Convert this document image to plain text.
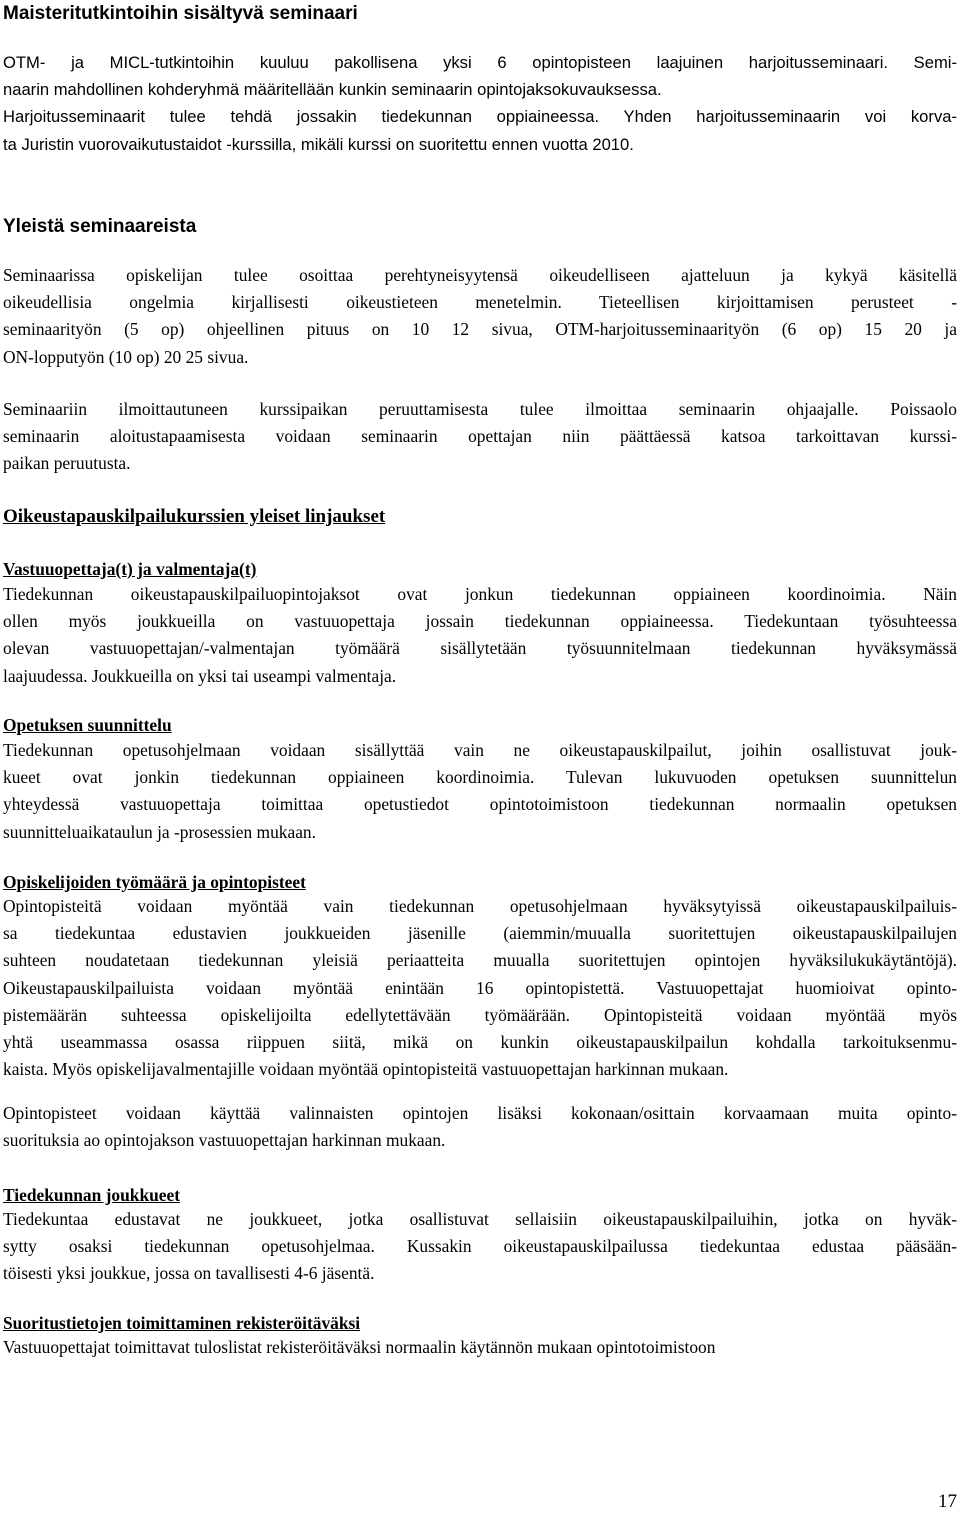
Maisteritutkintoihin sisältyvä seminaari
OTM- ja MICL-tutkintoihin kuuluu pakollisena yksi 6 opintopisteen laajuinen harjoitusseminaari. Semi-
naarin mahdollinen kohderyhmä määritellään kunkin seminaarin opintojaksokuvauksessa.
Harjoitusseminaarit tulee tehdä jossakin tiedekunnan oppiaineessa. Yhden harjoitusseminaarin voi korva-
ta Juristin vuorovaikutustaidot -kurssilla, mikäli kurssi on suoritettu ennen vuotta 2010.
Yleistä seminaareista
Seminaarissa opiskelijan tulee osoittaa perehtyneisyytensä oikeudelliseen ajatteluun ja kykyä käsitellä
oikeudellisia ongelmia kirjallisesti oikeustieteen menetelmin. Tieteellisen kirjoittamisen perusteet -
seminaarityön (5 op) ohjeellinen pituus on 10 12 sivua, OTM-harjoitusseminaarityön (6 op) 15 20 ja
ON-lopputyön (10 op) 20 25 sivua.
Seminaariin ilmoittautuneen kurssipaikan peruuttamisesta tulee ilmoittaa seminaarin ohjaajalle. Poissaolo
seminaarin aloitustapaamisesta voidaan seminaarin opettajan niin päättäessä katsoa tarkoittavan kurssi-
paikan peruutusta.
Oikeustapauskilpailukurssien yleiset linjaukset
Vastuuopettaja(t) ja valmentaja(t)
Tiedekunnan oikeustapauskilpailuopintojaksot ovat jonkun tiedekunnan oppiaineen koordinoimia. Näin
ollen myös joukkueilla on vastuuopettaja jossain tiedekunnan oppiaineessa. Tiedekuntaan työsuhteessa
olevan vastuuopettajan/-valmentajan työmäärä sisällytetään työsuunnitelmaan tiedekunnan hyväksymässä
laajuudessa. Joukkueilla on yksi tai useampi valmentaja.
Opetuksen suunnittelu
Tiedekunnan opetusohjelmaan voidaan sisällyttää vain ne oikeustapauskilpailut, joihin osallistuvat jouk-
kueet ovat jonkin tiedekunnan oppiaineen koordinoimia. Tulevan lukuvuoden opetuksen suunnittelun
yhteydessä vastuuopettaja toimittaa opetustiedot opintotoimistoon tiedekunnan normaalin opetuksen
suunnitteluaikataulun ja -prosessien mukaan.
Opiskelijoiden työmäärä ja opintopisteet
Opintopisteitä voidaan myöntää vain tiedekunnan opetusohjelmaan hyväksytyissä oikeustapauskilpailuis-
sa tiedekuntaa edustavien joukkueiden jäsenille (aiemmin/muualla suoritettujen oikeustapauskilpailujen
suhteen noudatetaan tiedekunnan yleisiä periaatteita muualla suoritettujen opintojen hyväksilukukäytäntöjä).
Oikeustapauskilpailuista voidaan myöntää enintään 16 opintopistettä. Vastuuopettajat huomioivat opinto-
pistemäärän suhteessa opiskelijoilta edellytettävään työmäärään. Opintopisteitä voidaan myöntää myös
yhtä useammassa osassa riippuen siitä, mikä on kunkin oikeustapauskilpailun kohdalla tarkoituksenmu-
kaista. Myös opiskelijavalmentajille voidaan myöntää opintopisteitä vastuuopettajan harkinnan mukaan.
Opintopisteet voidaan käyttää valinnaisten opintojen lisäksi kokonaan/osittain korvaamaan muita opinto-
suorituksia ao opintojakson vastuuopettajan harkinnan mukaan.
Tiedekunnan joukkueet
Tiedekuntaa edustavat ne joukkueet, jotka osallistuvat sellaisiin oikeustapauskilpailuihin, jotka on hyväk-
sytty osaksi tiedekunnan opetusohjelmaa. Kussakin oikeustapauskilpailussa tiedekuntaa edustaa pääsään-
töisesti yksi joukkue, jossa on tavallisesti 4-6 jäsentä.
Suoritustietojen toimittaminen rekisteröitäväksi
Vastuuopettajat toimittavat tuloslistat rekisteröitäväksi normaalin käytännön mukaan opintotoimistoon
17
